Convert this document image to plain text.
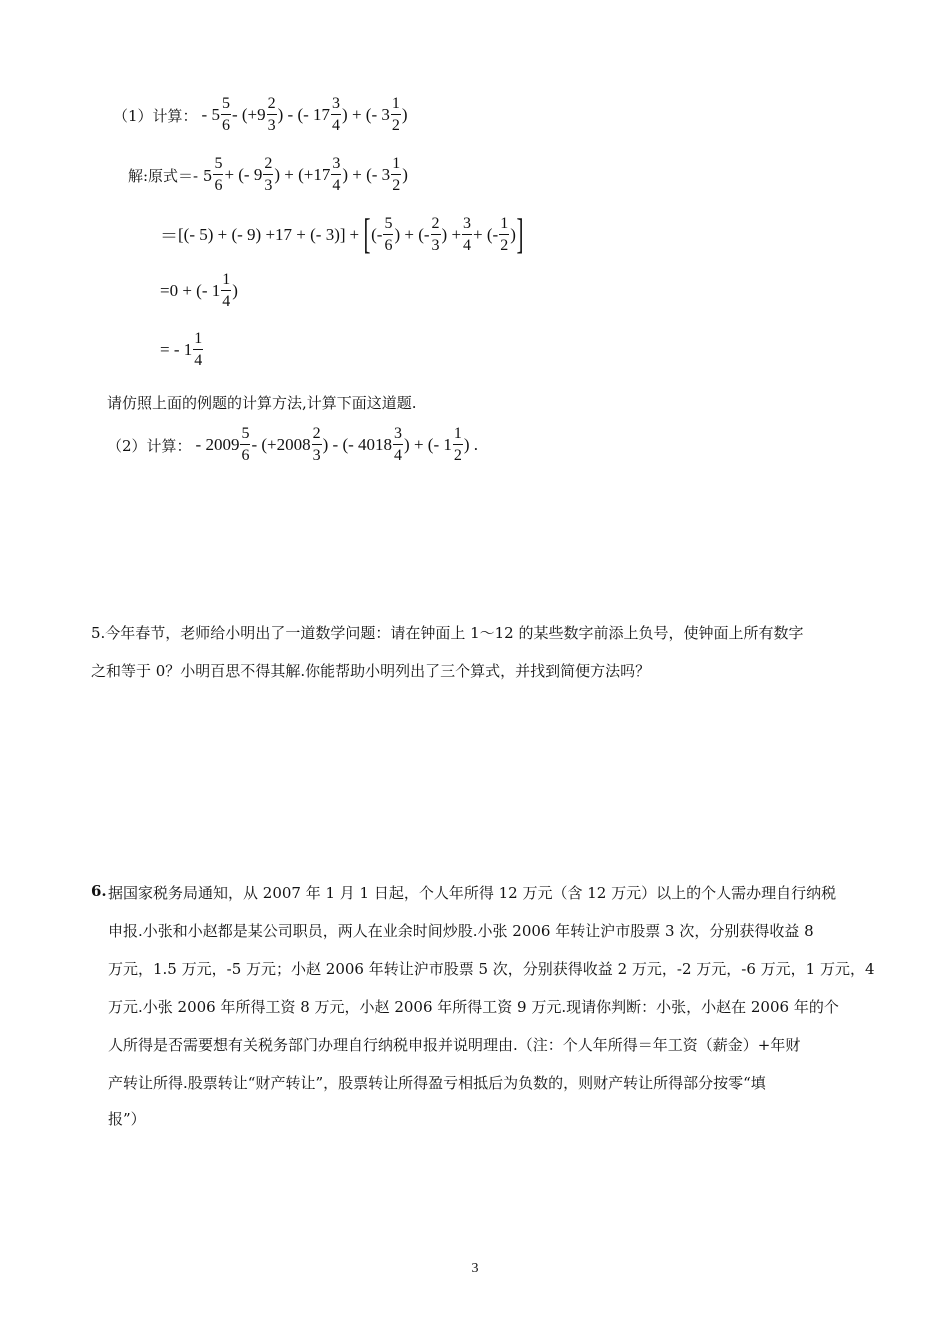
（1）计算： - $5 \frac{5}{6} - (+9 \frac{2}{3}$ ) - (- $17 \frac{3}{4}$ ) + (- $3 \frac{1}{2}$ )
解:原式＝- $5 \frac{5}{6}$ + (- $9 \frac{2}{3}$ ) + ($+17 \frac{3}{4}$ ) + (- $3 \frac{1}{2}$ )
＝ [(- 5) + (- 9) +17 + (- 3)] + [ (- $\frac{5}{6}$ ) + (- $\frac{2}{3}$ ) + $\frac{3}{4}$ + (- $\frac{1}{2}$ ) ]
=0 + (- $1 \frac{1}{4}$ )
= - $1 \frac{1}{4}$
请仿照上面的例题的计算方法,计算下面这道题.
（2）计算： - $2009 \frac{5}{6} - (+2008 \frac{2}{3}$ ) - (- $4018 \frac{3}{4}$ ) + (- $1 \frac{1}{2}$ ) .
5.今年春节，老师给小明出了一道数学问题：请在钟面上 1～12 的某些数字前添上负号，使钟面上所有数字
之和等于 0？小明百思不得其解.你能帮助小明列出了三个算式，并找到简便方法吗？
6. 据国家税务局通知，从 2007 年 1 月 1 日起，个人年所得 12 万元（含 12 万元）以上的个人需办理自行纳税
申报.小张和小赵都是某公司职员，两人在业余时间炒股.小张 2006 年转让沪市股票 3 次，分别获得收益 8
万元，1.5 万元，-5 万元；小赵 2006 年转让沪市股票 5 次，分别获得收益 2 万元，-2 万元，-6 万元，1 万元，4
万元.小张 2006 年所得工资 8 万元，小赵 2006 年所得工资 9 万元.现请你判断：小张，小赵在 2006 年的个
人所得是否需要想有关税务部门办理自行纳税申报并说明理由.（注：个人年所得＝年工资（薪金）+年财
产转让所得.股票转让“财产转让”，股票转让所得盈亏相抵后为负数的，则财产转让所得部分按零“填
报”）
3
